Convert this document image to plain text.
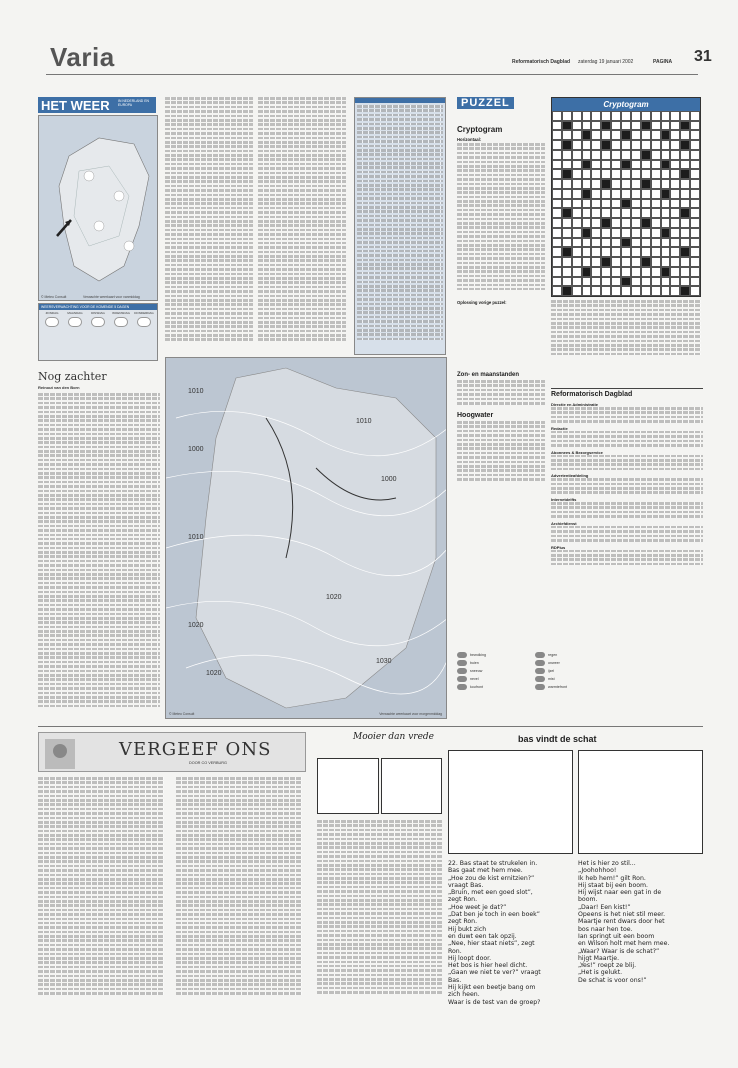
Varia	Reformatorisch Dagblad zaterdag 19 januari 2002	PAGINA 31
HET WEER IN NEDERLAND EN EUROPA
© Meteo Consult	Verwachte weerkaart voor vanmiddag
WEERSVERWACHTING VOOR DE KOMENDE 5 DAGEN
ZONDAG	MAANDAG	DINSDAG	WOENSDAG	DONDERDAG
Nog zachter
Reinout van den Born
1010
1000
1010
1020
1010
1000
1020
1020
1030
© Meteo Consult	Verwachte weerkaart voor morgenmiddag
PUZZEL
Cryptogram
Horizontaal:
Oplossing vorige puzzel:
Cryptogram
Zon- en maanstanden
Hoogwater
Reformatorisch Dagblad
Directie en Administratie
Redactie
Abonnees & Bezorgservice
Advertentieafdeling
Internetdelfts
Archiefdienst
RDPlus
bewolking	regen
buien	onweer
sneeuw	ijzel
nevel	mist
koufront	warmtefront
VERGEEF ONS
DOOR CO VERBURG
Mooier dan vrede	bas vindt de schat
22. Bas staat te strukelen in.
Bas gaat met hem mee.
„Hoe zou de kist ernitzien?”
vraagt Bas.
„Bruin, met een goed slot”,
zegt Ron.
„Hoe weet je dat?”
„Dat ben je toch in een boek”
zegt Ron.
Hij bukt zich
en duwt een tak opzij.
„Nee, hier staat niets”, zegt
Ron.
Hij loopt door.
Het bos is hier heel dicht.
„Gaan we niet te ver?” vraagt
Bas.
Hij kijkt een beetje bang om
zich heen.
Waar is de test van de groep?
Het is hier zo stil...
„Joohohhoo!
Ik heb hem!” gilt Ron.
Hij staat bij een boom.
Hij wijst naar een gat in de
boom.
„Daar! Een kist!”
Opeens is het niet stil meer.
Maartje rent dwars door het
bos naar hen toe.
Ian springt uit een boom
en Wilson holt met hem mee.
„Waar? Waar is de schat?”
hijgt Maartje.
„Yes!” roept ze blij.
„Het is gelukt.
De schat is voor ons!”
